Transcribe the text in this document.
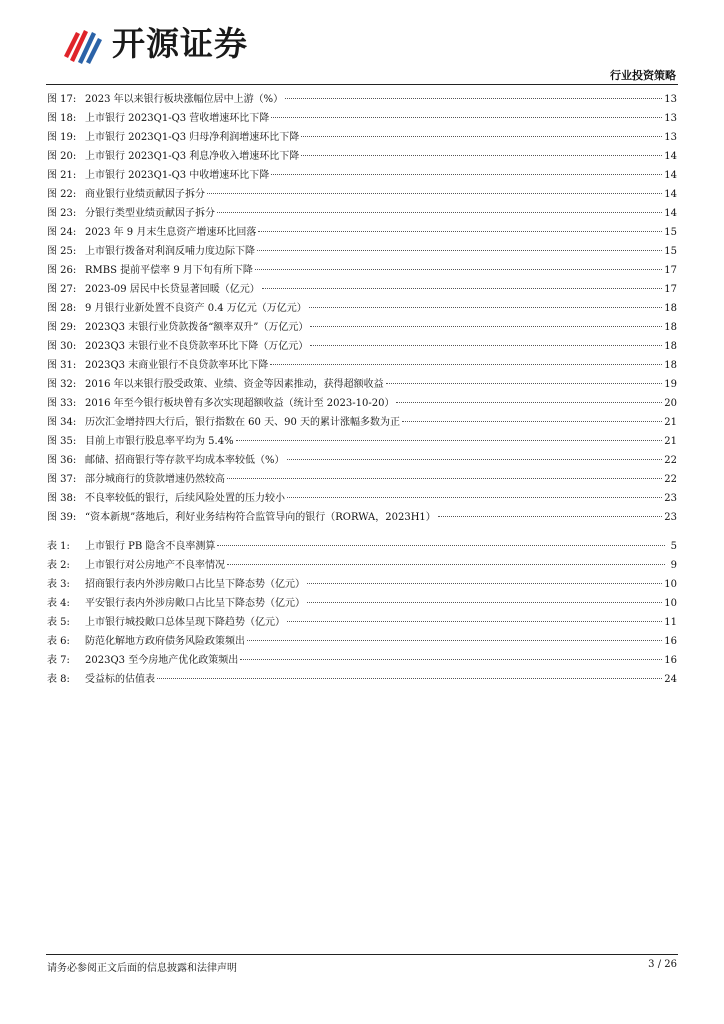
开源证券
行业投资策略
图 17: 2023 年以来银行板块涨幅位居中上游（%）	13
图 18: 上市银行 2023Q1-Q3 营收增速环比下降	13
图 19: 上市银行 2023Q1-Q3 归母净利润增速环比下降	13
图 20: 上市银行 2023Q1-Q3 利息净收入增速环比下降	14
图 21: 上市银行 2023Q1-Q3 中收增速环比下降	14
图 22: 商业银行业绩贡献因子拆分	14
图 23: 分银行类型业绩贡献因子拆分	14
图 24: 2023 年 9 月末生息资产增速环比回落	15
图 25: 上市银行拨备对利润反哺力度边际下降	15
图 26: RMBS 提前平偿率 9 月下旬有所下降	17
图 27: 2023-09 居民中长贷显著回暖（亿元）	17
图 28: 9 月银行业新处置不良资产 0.4 万亿元（万亿元）	18
图 29: 2023Q3 末银行业贷款拨备“额率双升”（万亿元）	18
图 30: 2023Q3 末银行业不良贷款率环比下降（万亿元）	18
图 31: 2023Q3 末商业银行不良贷款率环比下降	18
图 32: 2016 年以来银行股受政策、业绩、资金等因素推动，获得超额收益	19
图 33: 2016 年至今银行板块曾有多次实现超额收益（统计至 2023-10-20）	20
图 34: 历次汇金增持四大行后，银行指数在 60 天、90 天的累计涨幅多数为正	21
图 35: 目前上市银行股息率平均为 5.4%	21
图 36: 邮储、招商银行等存款平均成本率较低（%）	22
图 37: 部分城商行的贷款增速仍然较高	22
图 38: 不良率较低的银行，后续风险处置的压力较小	23
图 39: “资本新规”落地后，利好业务结构符合监管导向的银行（RORWA，2023H1）	23
表 1:	上市银行 PB 隐含不良率测算	5
表 2:	上市银行对公房地产不良率情况	9
表 3:	招商银行表内外涉房敞口占比呈下降态势（亿元）	10
表 4:	平安银行表内外涉房敞口占比呈下降态势（亿元）	10
表 5:	上市银行城投敞口总体呈现下降趋势（亿元）	11
表 6:	防范化解地方政府债务风险政策频出	16
表 7:	2023Q3 至今房地产优化政策频出	16
表 8:	受益标的估值表	24
请务必参阅正文后面的信息披露和法律声明	3 / 26
